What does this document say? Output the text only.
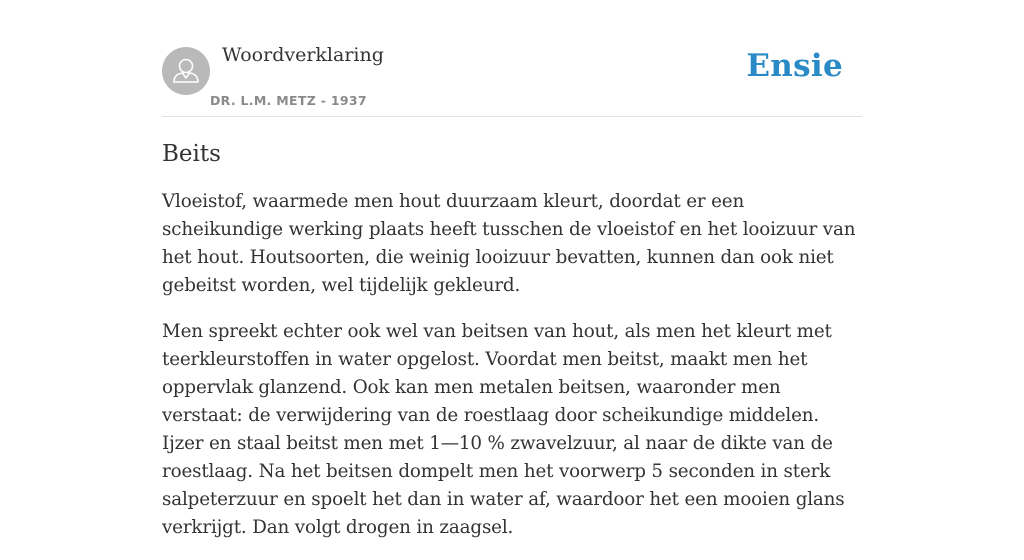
Woordverklaring
DR. L.M. METZ - 1937
Ensie
Beits

Vloeistof, waarmede men hout duurzaam kleurt, doordat er een scheikundige werking plaats heeft tusschen de vloeistof en het looizuur van het hout. Houtsoorten, die weinig looizuur bevatten, kunnen dan ook niet gebeitst worden, wel tijdelijk gekleurd.

Men spreekt echter ook wel van beitsen van hout, als men het kleurt met teerkleurstoffen in water opgelost. Voordat men beitst, maakt men het oppervlak glanzend. Ook kan men metalen beitsen, waaronder men verstaat: de verwijdering van de roestlaag door scheikundige middelen. Ijzer en staal beitst men met 1—10 % zwavelzuur, al naar de dikte van de roestlaag. Na het beitsen dompelt men het voorwerp 5 seconden in sterk salpeterzuur en spoelt het dan in water af, waardoor het een mooien glans verkrijgt. Dan volgt drogen in zaagsel.
